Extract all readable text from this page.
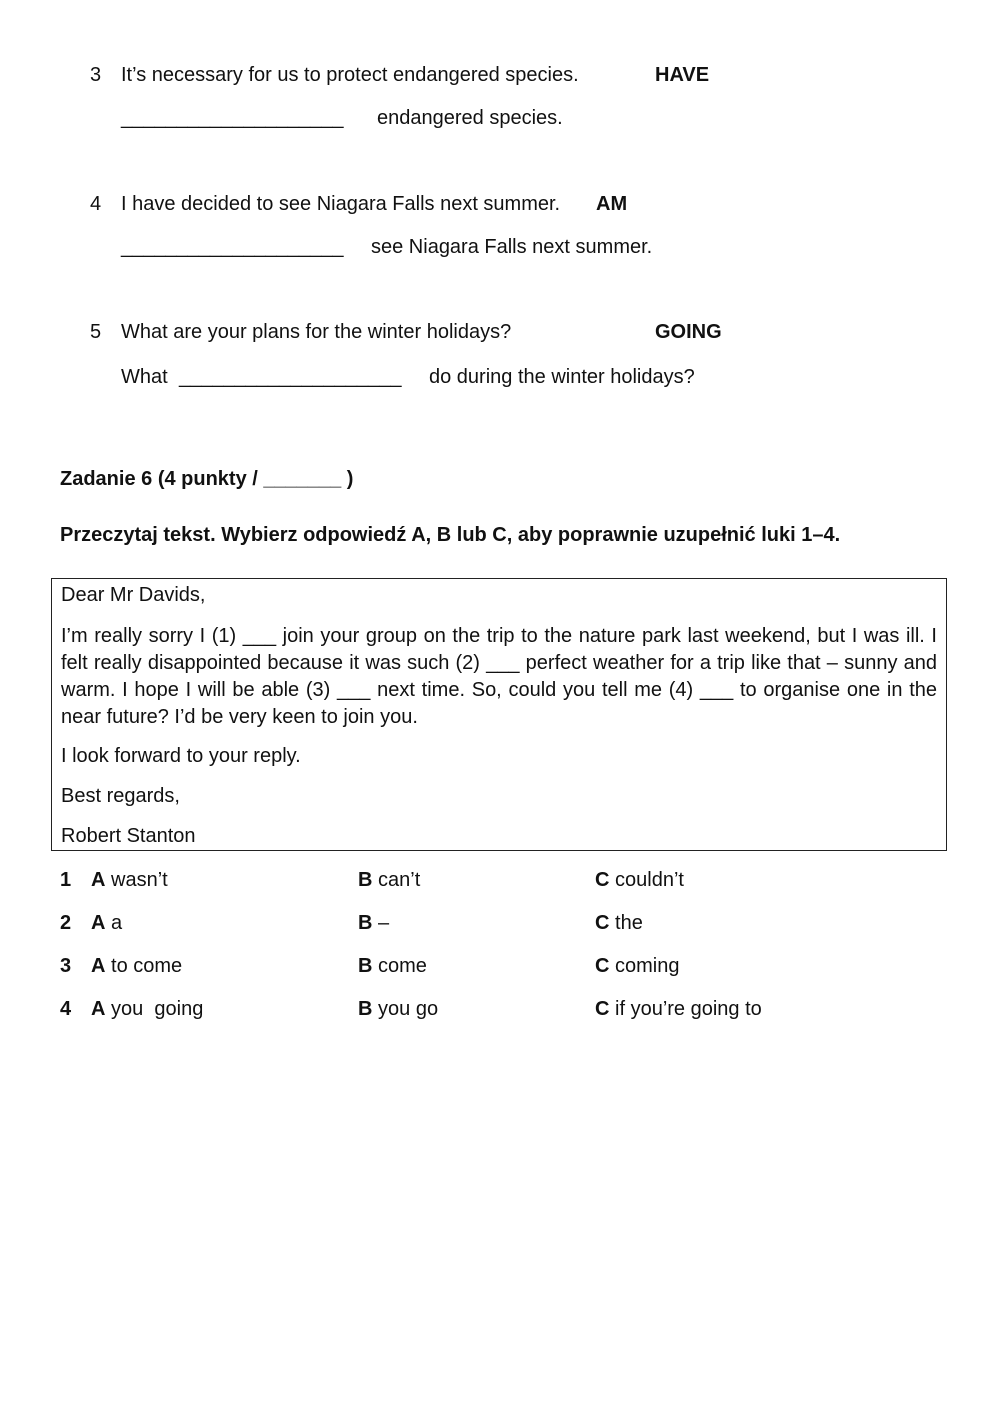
3 It’s necessary for us to protect endangered species.	HAVE
____________________ endangered species.
4 I have decided to see Niagara Falls next summer. AM
____________________ see Niagara Falls next summer.
5 What are your plans for the winter holidays?	GOING
What ____________________ do during the winter holidays?
Zadanie 6 (4 punkty / _______ )
Przeczytaj tekst. Wybierz odpowiedź A, B lub C, aby poprawnie uzupełnić luki 1–4.

Dear Mr Davids,

I’m really sorry I (1) ___ join your group on the trip to the nature park last weekend, but I was ill. I felt really disappointed because it was such (2) ___ perfect weather for a trip like that – sunny and warm. I hope I will be able (3) ___ next time. So, could you tell me (4) ___ to organise one in the near future? I’d be very keen to join you.

I look forward to your reply.

Best regards,

Robert Stanton

1 A wasn’t	B can’t	C couldn’t
2 A a	B –	C the
3 A to come	B come	C coming
4 A you  going	B you go	C if you’re going to
